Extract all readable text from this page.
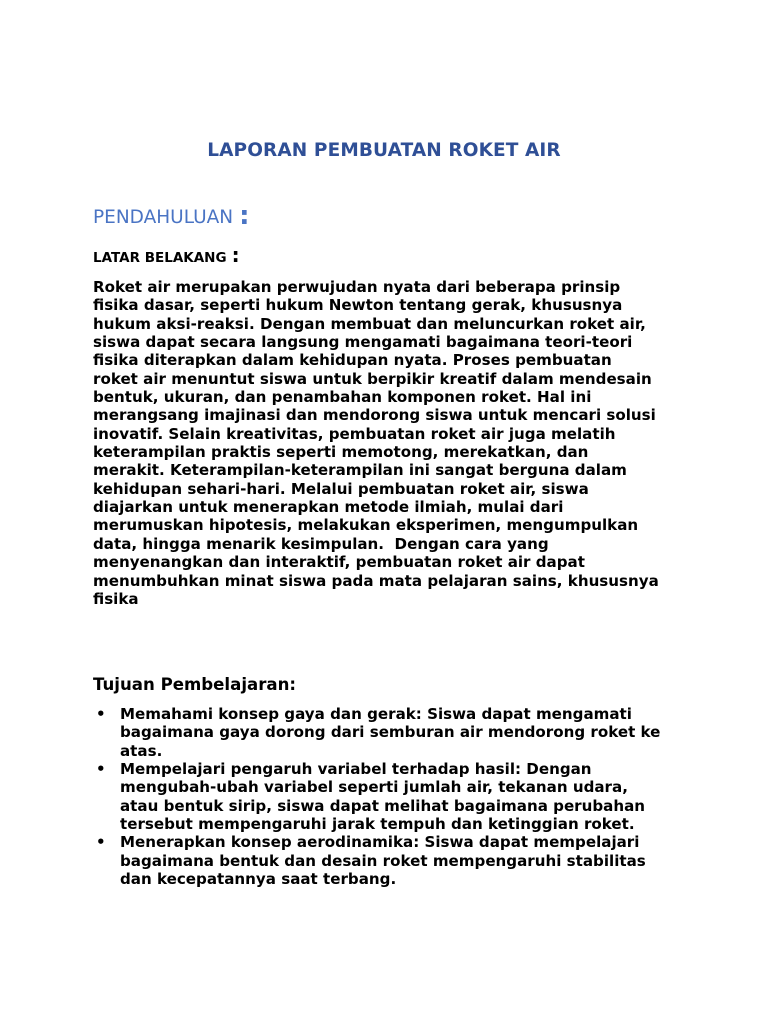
LAPORAN PEMBUATAN ROKET AIR
PENDAHULUAN :
LATAR BELAKANG :
Roket air merupakan perwujudan nyata dari beberapa prinsip
fisika dasar, seperti hukum Newton tentang gerak, khususnya
hukum aksi-reaksi. Dengan membuat dan meluncurkan roket air,
siswa dapat secara langsung mengamati bagaimana teori-teori
fisika diterapkan dalam kehidupan nyata. Proses pembuatan
roket air menuntut siswa untuk berpikir kreatif dalam mendesain
bentuk, ukuran, dan penambahan komponen roket. Hal ini
merangsang imajinasi dan mendorong siswa untuk mencari solusi
inovatif. Selain kreativitas, pembuatan roket air juga melatih
keterampilan praktis seperti memotong, merekatkan, dan
merakit. Keterampilan-keterampilan ini sangat berguna dalam
kehidupan sehari-hari. Melalui pembuatan roket air, siswa
diajarkan untuk menerapkan metode ilmiah, mulai dari
merumuskan hipotesis, melakukan eksperimen, mengumpulkan
data, hingga menarik kesimpulan.  Dengan cara yang
menyenangkan dan interaktif, pembuatan roket air dapat
menumbuhkan minat siswa pada mata pelajaran sains, khususnya
fisika
Tujuan Pembelajaran:
• Memahami konsep gaya dan gerak: Siswa dapat mengamati
bagaimana gaya dorong dari semburan air mendorong roket ke
atas.
• Mempelajari pengaruh variabel terhadap hasil: Dengan
mengubah-ubah variabel seperti jumlah air, tekanan udara,
atau bentuk sirip, siswa dapat melihat bagaimana perubahan
tersebut mempengaruhi jarak tempuh dan ketinggian roket.
• Menerapkan konsep aerodinamika: Siswa dapat mempelajari
bagaimana bentuk dan desain roket mempengaruhi stabilitas
dan kecepatannya saat terbang.
